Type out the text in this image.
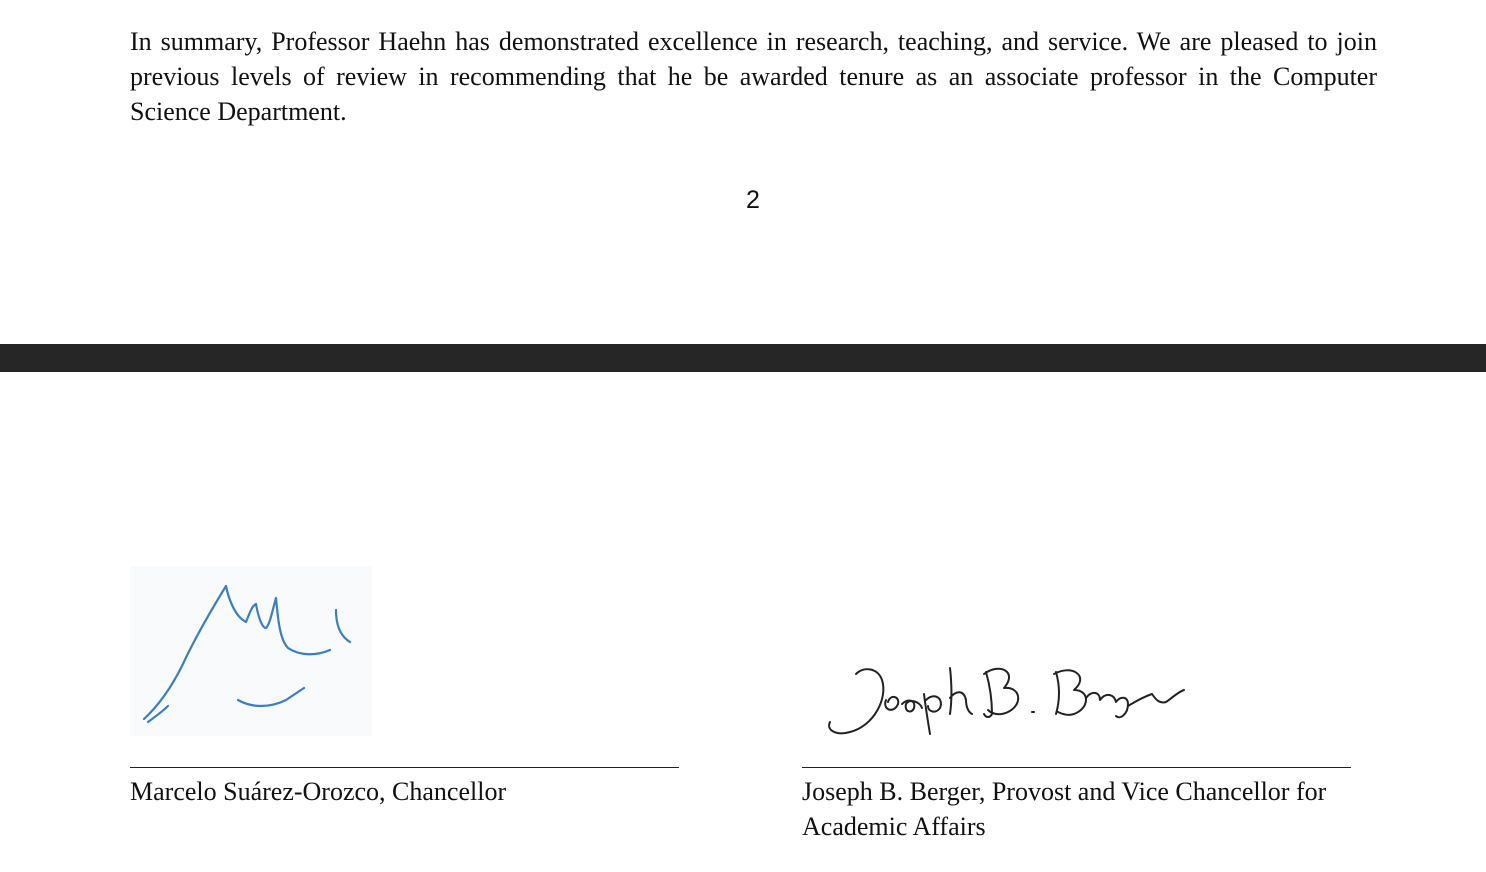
In summary, Professor Haehn has demonstrated excellence in research, teaching, and service. We are pleased to join previous levels of review in recommending that he be awarded tenure as an associate professor in the Computer Science Department.

2

Marcelo Suárez-Orozco, Chancellor	Joseph B. Berger, Provost and Vice Chancellor for Academic Affairs
